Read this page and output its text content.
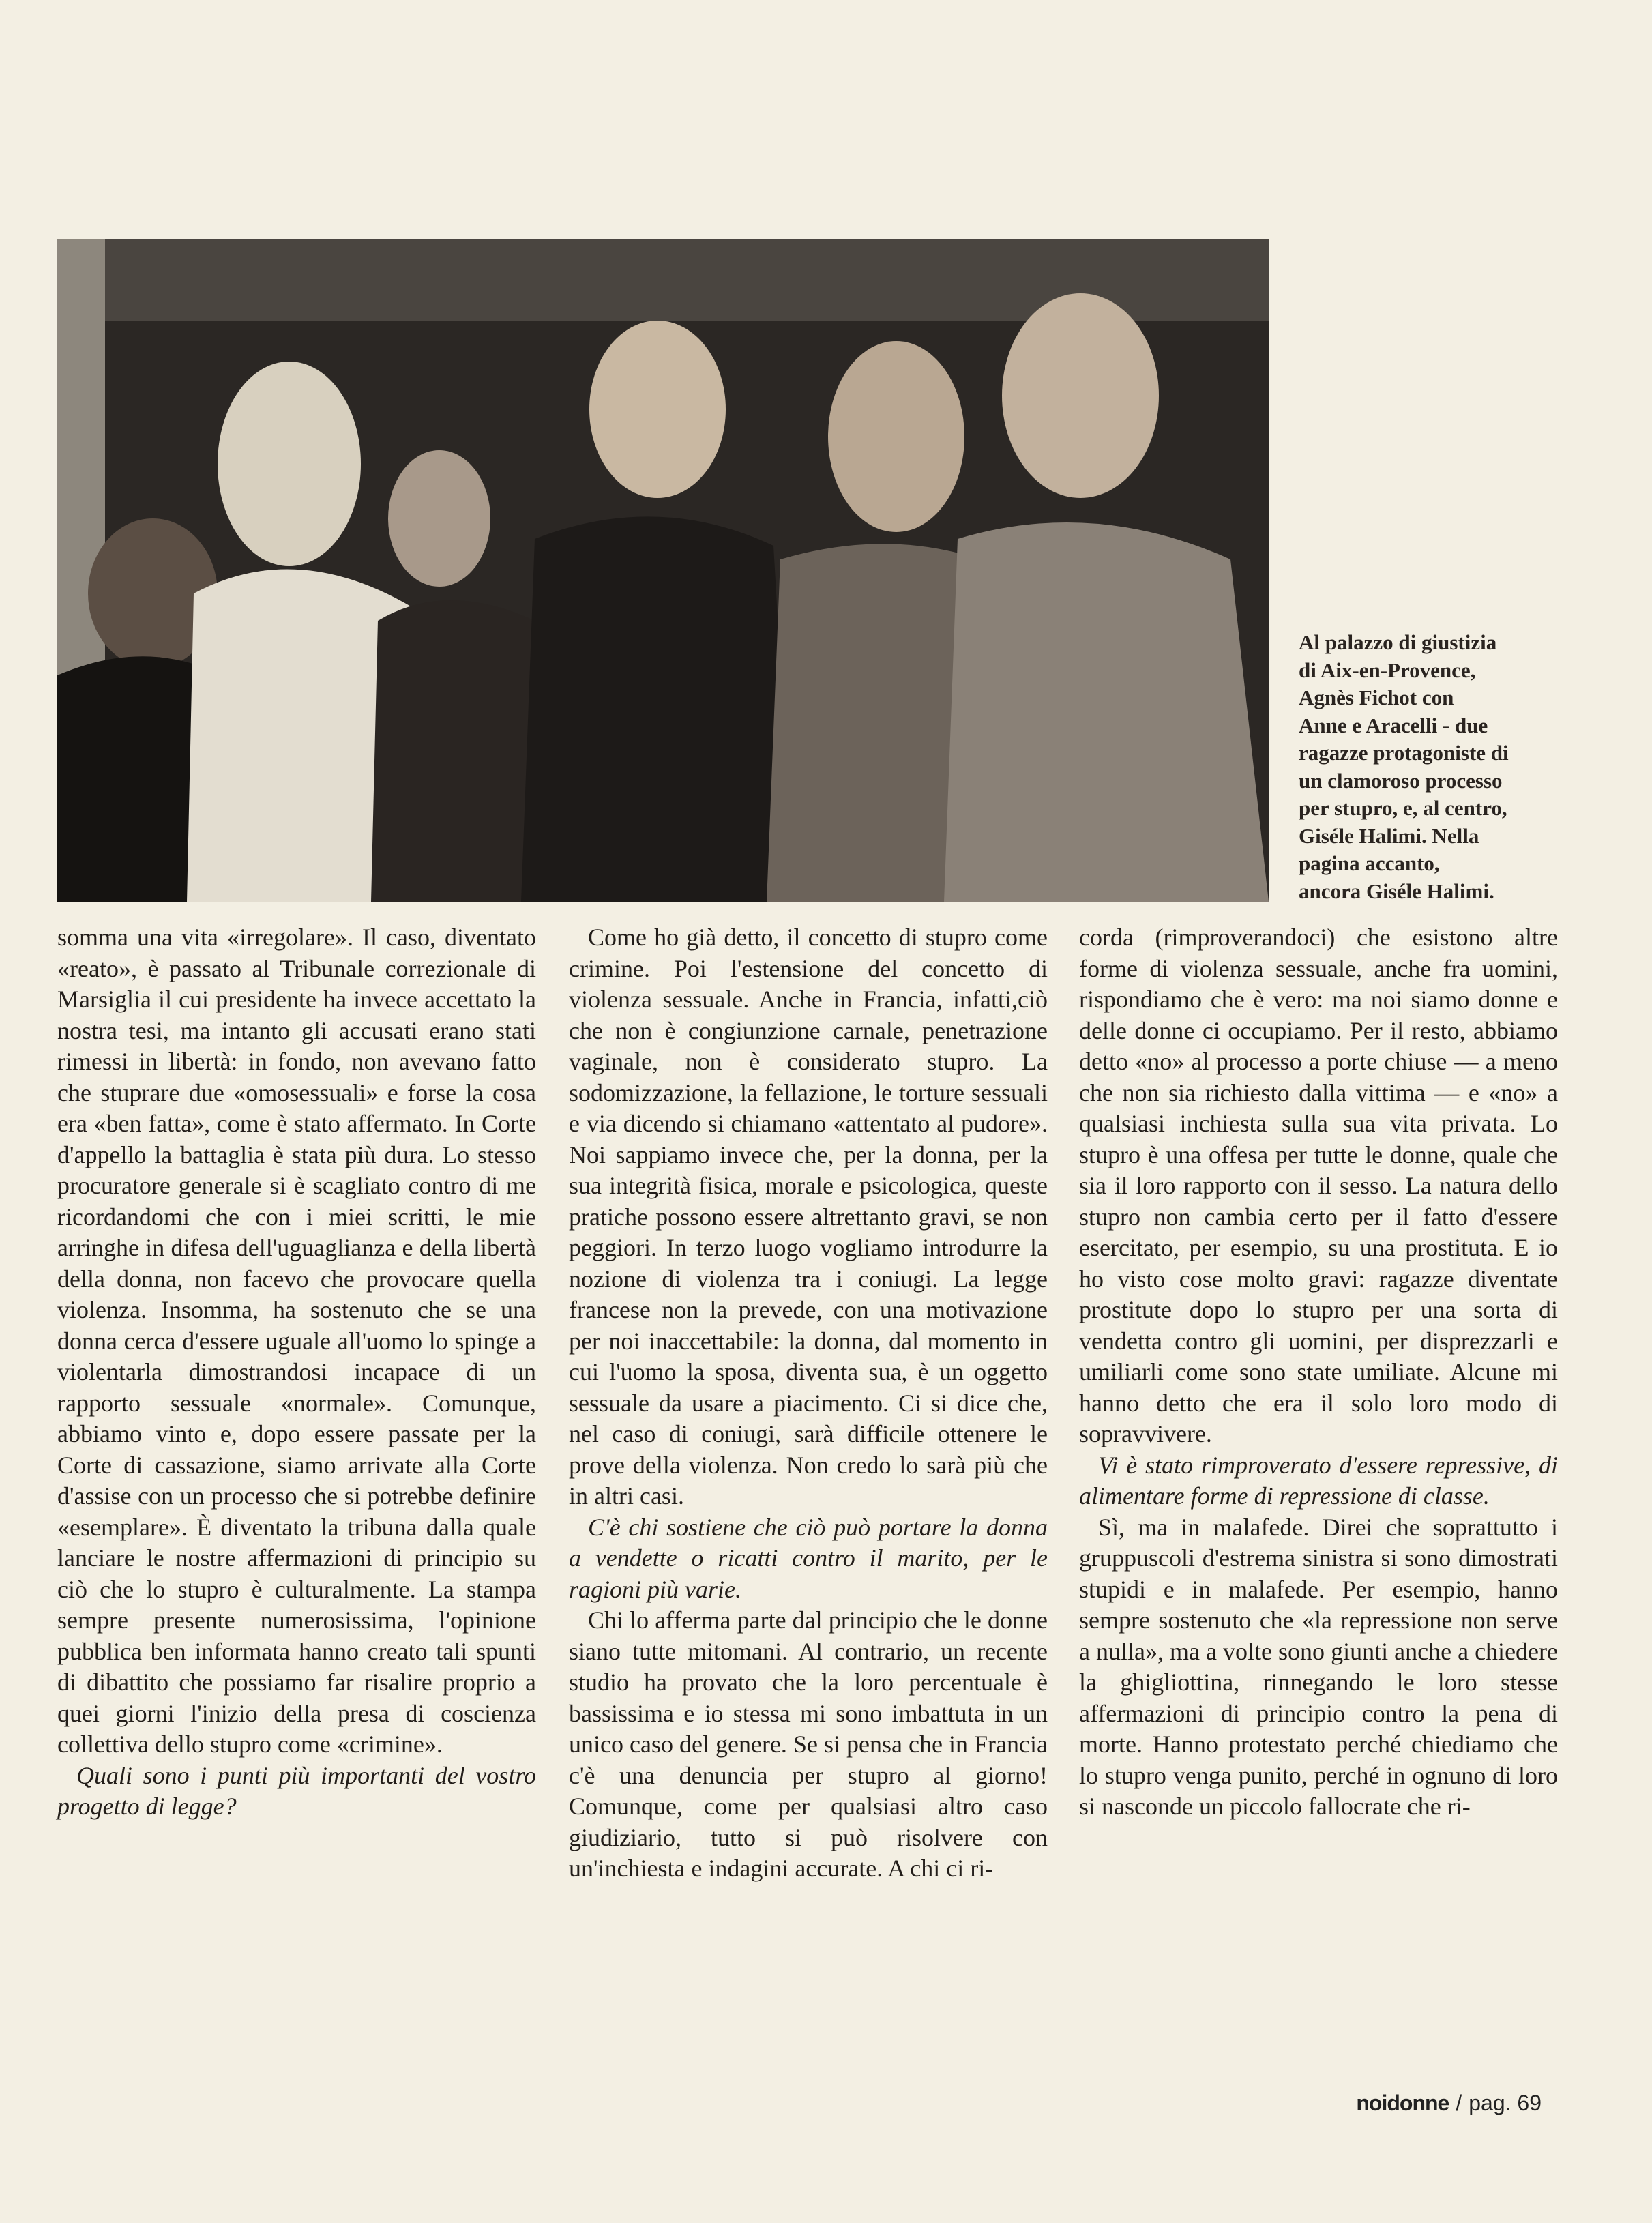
Al palazzo di giustizia
di Aix-en-Provence,
Agnès Fichot con
Anne e Aracelli - due
ragazze protagoniste di
un clamoroso processo
per stupro, e, al centro,
Giséle Halimi. Nella
pagina accanto,
ancora Giséle Halimi.

somma una vita «irregolare». Il caso, diventato «reato», è passato al Tribunale correzionale di Marsiglia il cui presidente ha invece accettato la nostra tesi, ma intanto gli accusati erano stati rimessi in libertà: in fondo, non avevano fatto che stuprare due «omosessuali» e forse la cosa era «ben fatta», come è stato affermato. In Corte d'appello la battaglia è stata più dura. Lo stesso procuratore generale si è scagliato contro di me ricordandomi che con i miei scritti, le mie arringhe in difesa dell'uguaglianza e della libertà della donna, non facevo che provocare quella violenza. Insomma, ha sostenuto che se una donna cerca d'essere uguale all'uomo lo spinge a violentarla dimostrandosi incapace di un rapporto sessuale «normale». Comunque, abbiamo vinto e, dopo essere passate per la Corte di cassazione, siamo arrivate alla Corte d'assise con un processo che si potrebbe definire «esemplare». È diventato la tribuna dalla quale lanciare le nostre affermazioni di principio su ciò che lo stupro è culturalmente. La stampa sempre presente numerosissima, l'opinione pubblica ben informata hanno creato tali spunti di dibattito che possiamo far risalire proprio a quei giorni l'inizio della presa di coscienza collettiva dello stupro come «crimine».

Quali sono i punti più importanti del vostro progetto di legge?

Come ho già detto, il concetto di stupro come crimine. Poi l'estensione del concetto di violenza sessuale. Anche in Francia, infatti,ciò che non è congiunzione carnale, penetrazione vaginale, non è considerato stupro. La sodomizzazione, la fellazione, le torture sessuali e via dicendo si chiamano «attentato al pudore». Noi sappiamo invece che, per la donna, per la sua integrità fisica, morale e psicologica, queste pratiche possono essere altrettanto gravi, se non peggiori. In terzo luogo vogliamo introdurre la nozione di violenza tra i coniugi. La legge francese non la prevede, con una motivazione per noi inaccettabile: la donna, dal momento in cui l'uomo la sposa, diventa sua, è un oggetto sessuale da usare a piacimento. Ci si dice che, nel caso di coniugi, sarà difficile ottenere le prove della violenza. Non credo lo sarà più che in altri casi.

C'è chi sostiene che ciò può portare la donna a vendette o ricatti contro il marito, per le ragioni più varie.

Chi lo afferma parte dal principio che le donne siano tutte mitomani. Al contrario, un recente studio ha provato che la loro percentuale è bassissima e io stessa mi sono imbattuta in un unico caso del genere. Se si pensa che in Francia c'è una denuncia per stupro al giorno! Comunque, come per qualsiasi altro caso giudiziario, tutto si può risolvere con un'inchiesta e indagini accurate. A chi ci ri-

corda (rimproverandoci) che esistono altre forme di violenza sessuale, anche fra uomini, rispondiamo che è vero: ma noi siamo donne e delle donne ci occupiamo. Per il resto, abbiamo detto «no» al processo a porte chiuse — a meno che non sia richiesto dalla vittima — e «no» a qualsiasi inchiesta sulla sua vita privata. Lo stupro è una offesa per tutte le donne, quale che sia il loro rapporto con il sesso. La natura dello stupro non cambia certo per il fatto d'essere esercitato, per esempio, su una prostituta. E io ho visto cose molto gravi: ragazze diventate prostitute dopo lo stupro per una sorta di vendetta contro gli uomini, per disprezzarli e umiliarli come sono state umiliate. Alcune mi hanno detto che era il solo loro modo di sopravvivere.

Vi è stato rimproverato d'essere repressive, di alimentare forme di repressione di classe.

Sì, ma in malafede. Direi che soprattutto i gruppuscoli d'estrema sinistra si sono dimostrati stupidi e in malafede. Per esempio, hanno sempre sostenuto che «la repressione non serve a nulla», ma a volte sono giunti anche a chiedere la ghigliottina, rinnegando le loro stesse affermazioni di principio contro la pena di morte. Hanno protestato perché chiediamo che lo stupro venga punito, perché in ognuno di loro si nasconde un piccolo fallocrate che ri-

noidonne / pag. 69
